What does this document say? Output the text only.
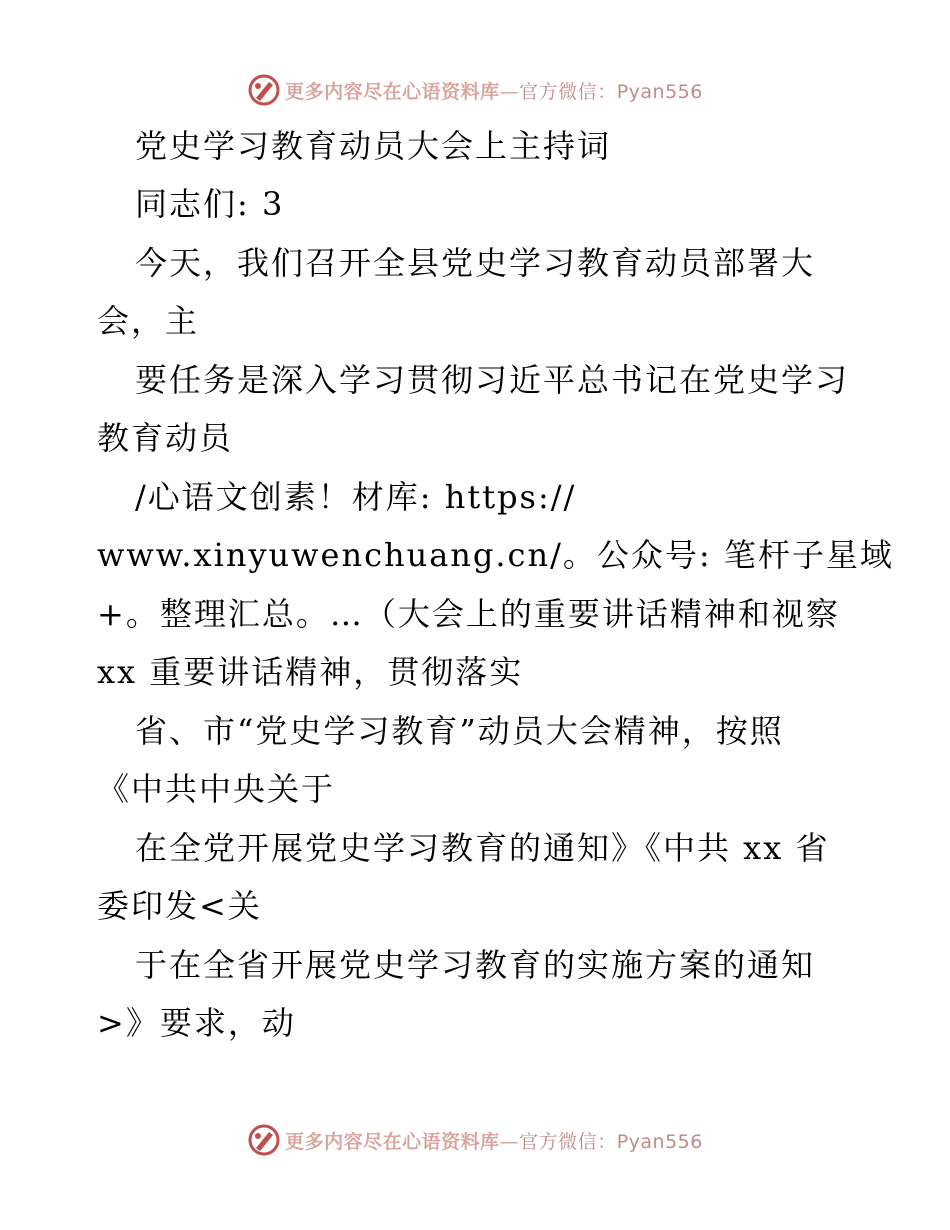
更多内容尽在心语资料库—官方微信：Pyan556
党史学习教育动员大会上主持词
同志们: 3
今天，我们召开全县党史学习教育动员部署大
会，主
要任务是深入学习贯彻习近平总书记在党史学习
教育动员
/心语文创素！材库: https://
www.xinyuwenchuang.cn/。公众号: 笔杆子星域
+。整理汇总。…（大会上的重要讲话精神和视察
xx 重要讲话精神，贯彻落实
省、市“党史学习教育”动员大会精神，按照
《中共中央关于
在全党开展党史学习教育的通知》《中共 xx 省
委印发<关
于在全省开展党史学习教育的实施方案的通知
>》要求，动
更多内容尽在心语资料库—官方微信：Pyan556
